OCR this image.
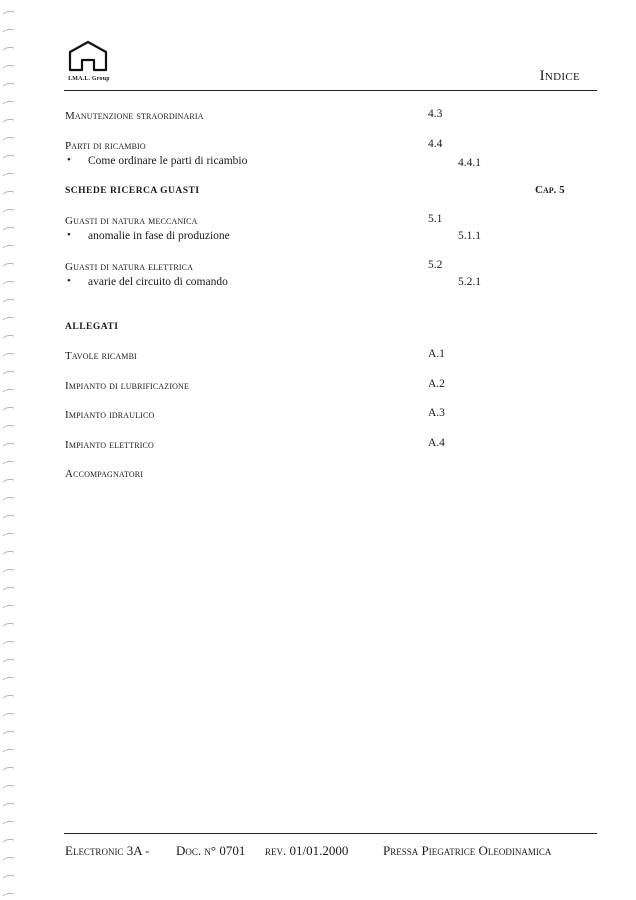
I.MA.L. Group	Indice
Manutenzione straordinaria	4.3
Parti di ricambio	4.4
• Come ordinare le parti di ricambio	4.4.1
SCHEDE RICERCA GUASTI	Cap. 5
Guasti di natura meccanica	5.1
• anomalie in fase di produzione	5.1.1
Guasti di natura elettrica	5.2
• avarie del circuito di comando	5.2.1
ALLEGATI
Tavole ricambi	A.1
Impianto di lubrificazione	A.2
Impianto idraulico	A.3
Impianto elettrico	A.4
Accompagnatori
Electronic 3A - Doc. n° 0701 rev. 01/01.2000	Pressa Piegatrice Oleodinamica
